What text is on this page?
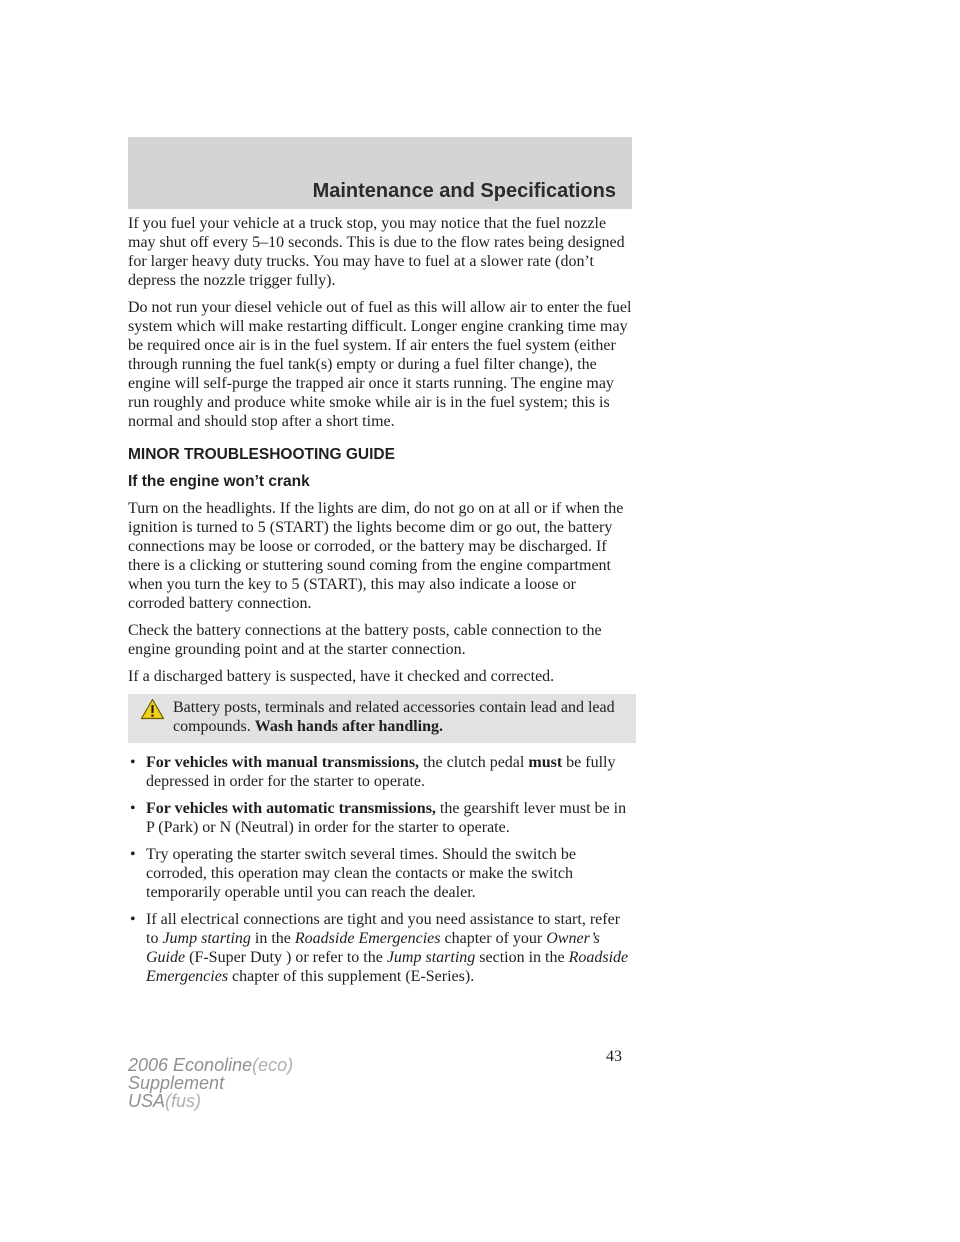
Maintenance and Specifications

If you fuel your vehicle at a truck stop, you may notice that the fuel nozzle may shut off every 5–10 seconds. This is due to the flow rates being designed for larger heavy duty trucks. You may have to fuel at a slower rate (don’t depress the nozzle trigger fully).

Do not run your diesel vehicle out of fuel as this will allow air to enter the fuel system which will make restarting difficult. Longer engine cranking time may be required once air is in the fuel system. If air enters the fuel system (either through running the fuel tank(s) empty or during a fuel filter change), the engine will self-purge the trapped air once it starts running. The engine may run roughly and produce white smoke while air is in the fuel system; this is normal and should stop after a short time.

MINOR TROUBLESHOOTING GUIDE
If the engine won’t crank

Turn on the headlights. If the lights are dim, do not go on at all or if when the ignition is turned to 5 (START) the lights become dim or go out, the battery connections may be loose or corroded, or the battery may be discharged. If there is a clicking or stuttering sound coming from the engine compartment when you turn the key to 5 (START), this may also indicate a loose or corroded battery connection.

Check the battery connections at the battery posts, cable connection to the engine grounding point and at the starter connection.

If a discharged battery is suspected, have it checked and corrected.

Battery posts, terminals and related accessories contain lead and lead compounds. Wash hands after handling.

• For vehicles with manual transmissions, the clutch pedal must be fully depressed in order for the starter to operate.
• For vehicles with automatic transmissions, the gearshift lever must be in P (Park) or N (Neutral) in order for the starter to operate.
• Try operating the starter switch several times. Should the switch be corroded, this operation may clean the contacts or make the switch temporarily operable until you can reach the dealer.
• If all electrical connections are tight and you need assistance to start, refer to Jump starting in the Roadside Emergencies chapter of your Owner’s Guide (F-Super Duty ) or refer to the Jump starting section in the Roadside Emergencies chapter of this supplement (E-Series).

43

2006 Econoline(eco)
Supplement
USA(fus)
